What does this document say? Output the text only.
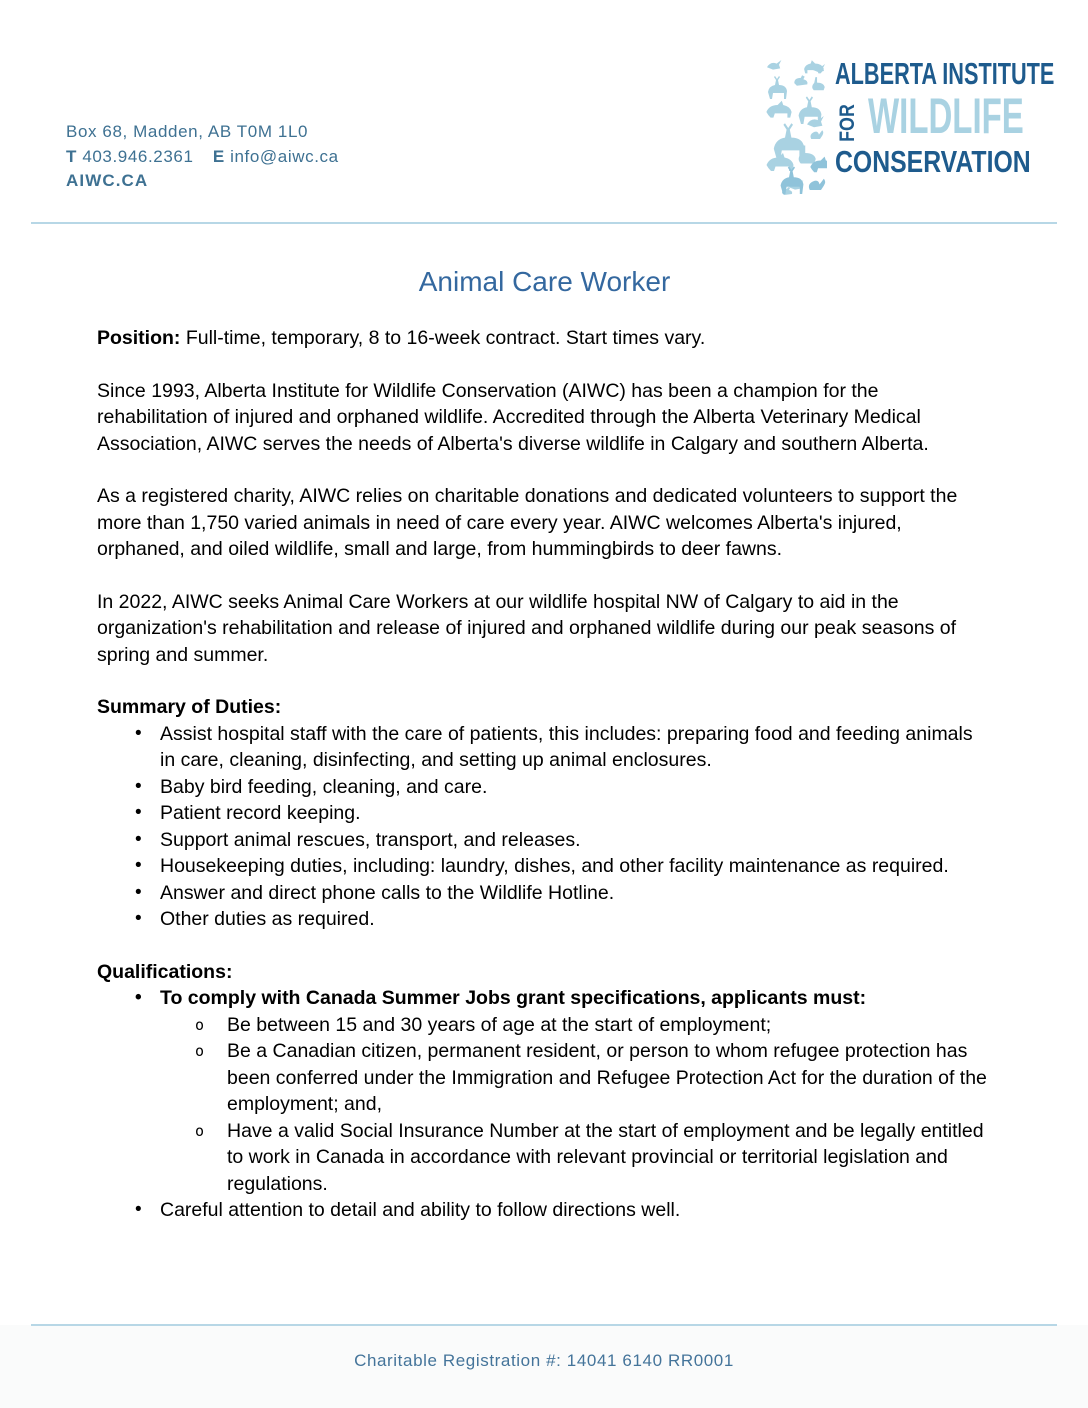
Box 68, Madden, AB T0M 1L0
T 403.946.2361 E info@aiwc.ca
AIWC.CA
ALBERTA INSTITUTE
FOR WILDLIFE
CONSERVATION
Animal Care Worker

Position: Full-time, temporary, 8 to 16-week contract. Start times vary.

Since 1993, Alberta Institute for Wildlife Conservation (AIWC) has been a champion for the rehabilitation of injured and orphaned wildlife. Accredited through the Alberta Veterinary Medical Association, AIWC serves the needs of Alberta's diverse wildlife in Calgary and southern Alberta.

As a registered charity, AIWC relies on charitable donations and dedicated volunteers to support the more than 1,750 varied animals in need of care every year. AIWC welcomes Alberta's injured, orphaned, and oiled wildlife, small and large, from hummingbirds to deer fawns.

In 2022, AIWC seeks Animal Care Workers at our wildlife hospital NW of Calgary to aid in the organization's rehabilitation and release of injured and orphaned wildlife during our peak seasons of spring and summer.

Summary of Duties:
• Assist hospital staff with the care of patients, this includes: preparing food and feeding animals in care, cleaning, disinfecting, and setting up animal enclosures.
• Baby bird feeding, cleaning, and care.
• Patient record keeping.
• Support animal rescues, transport, and releases.
• Housekeeping duties, including: laundry, dishes, and other facility maintenance as required.
• Answer and direct phone calls to the Wildlife Hotline.
• Other duties as required.
Qualifications:
• To comply with Canada Summer Jobs grant specifications, applicants must:
o Be between 15 and 30 years of age at the start of employment;
o Be a Canadian citizen, permanent resident, or person to whom refugee protection has been conferred under the Immigration and Refugee Protection Act for the duration of the employment; and,
o Have a valid Social Insurance Number at the start of employment and be legally entitled to work in Canada in accordance with relevant provincial or territorial legislation and regulations.
• Careful attention to detail and ability to follow directions well.
Charitable Registration #: 14041 6140 RR0001
